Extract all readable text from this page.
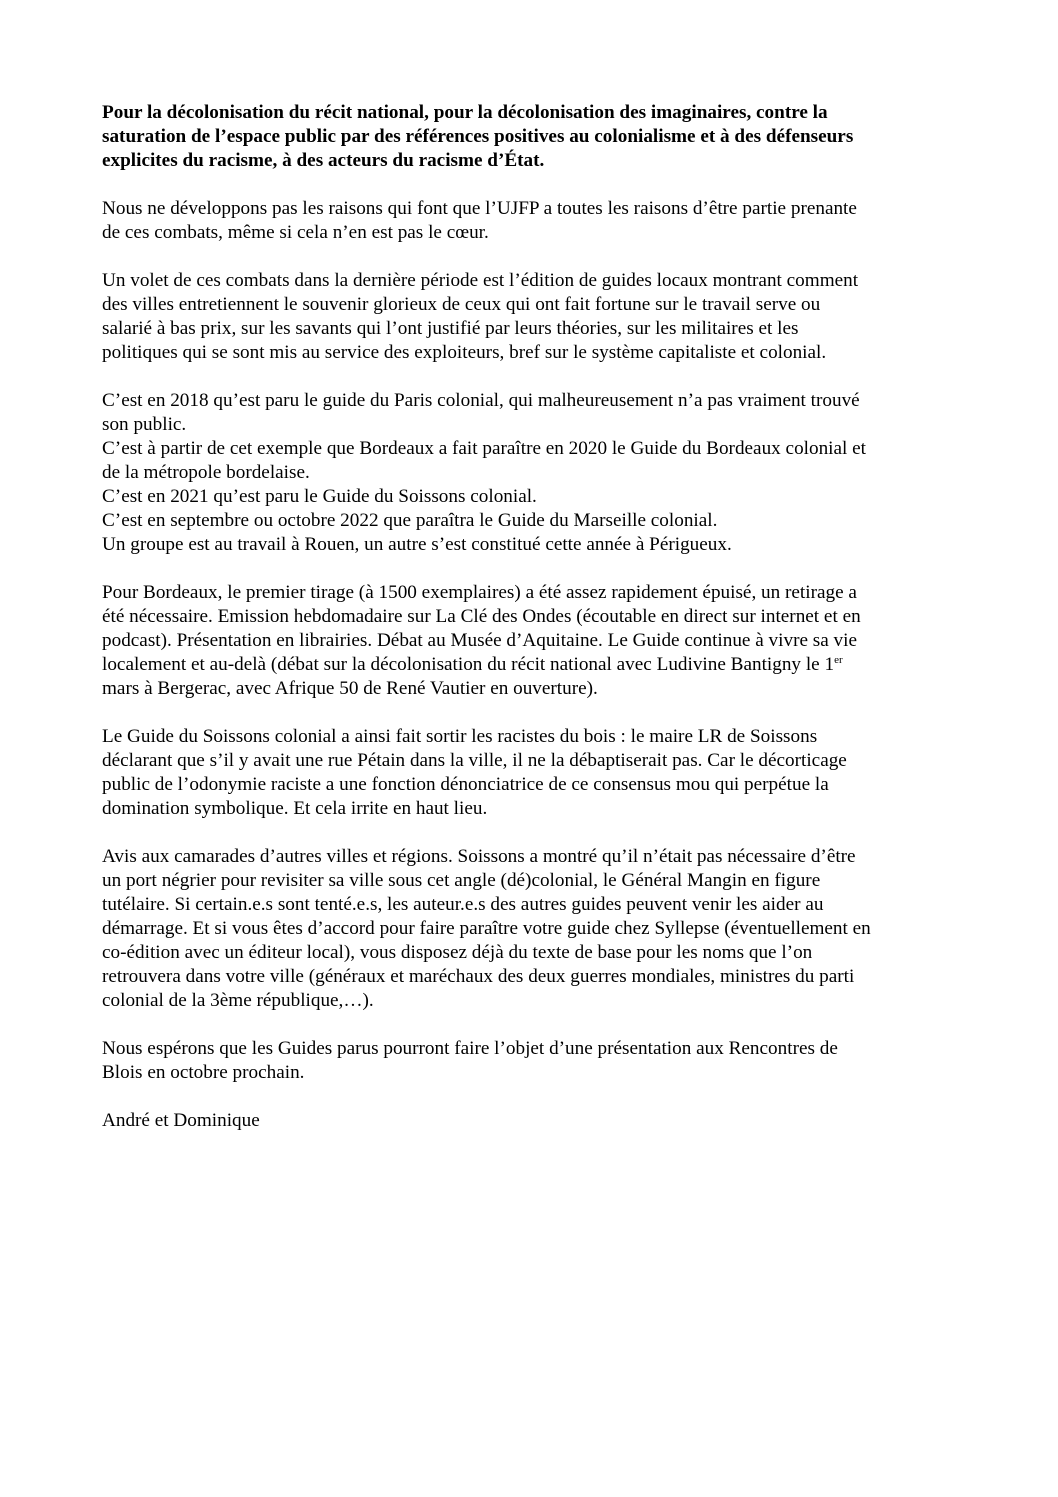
Pour la décolonisation du récit national, pour la décolonisation des imaginaires, contre la
saturation de l’espace public par des références positives au colonialisme et à des défenseurs
explicites du racisme, à des acteurs du racisme d’État.
Nous ne développons pas les raisons qui font que l’UJFP a toutes les raisons d’être partie prenante
de ces combats, même si cela n’en est pas le cœur.
Un volet de ces combats dans la dernière période est l’édition de guides locaux montrant comment
des villes entretiennent le souvenir glorieux de ceux qui ont fait fortune sur le travail serve ou
salarié à bas prix, sur les savants qui l’ont justifié par leurs théories, sur les militaires et les
politiques qui se sont mis au service des exploiteurs, bref sur le système capitaliste et colonial.
C’est en 2018 qu’est paru le guide du Paris colonial, qui malheureusement n’a pas vraiment trouvé
son public.
C’est à partir de cet exemple que Bordeaux a fait paraître en 2020 le Guide du Bordeaux colonial et
de la métropole bordelaise.
C’est en 2021 qu’est paru le Guide du Soissons colonial.
C’est en septembre ou octobre 2022 que paraîtra le Guide du Marseille colonial.
Un groupe est au travail à Rouen, un autre s’est constitué cette année à Périgueux.
Pour Bordeaux, le premier tirage (à 1500 exemplaires) a été assez rapidement épuisé, un retirage a
été nécessaire. Emission hebdomadaire sur La Clé des Ondes (écoutable en direct sur internet et en
podcast). Présentation en librairies. Débat au Musée d’Aquitaine. Le Guide continue à vivre sa vie
localement et au-delà (débat sur la décolonisation du récit national avec Ludivine Bantigny le 1er
mars à Bergerac, avec Afrique 50 de René Vautier en ouverture).
Le Guide du Soissons colonial a ainsi fait sortir les racistes du bois : le maire LR de Soissons
déclarant que s’il y avait une rue Pétain dans la ville, il ne la débaptiserait pas. Car le décorticage
public de l’odonymie raciste a une fonction dénonciatrice de ce consensus mou qui perpétue la
domination symbolique. Et cela irrite en haut lieu.
Avis aux camarades d’autres villes et régions. Soissons a montré qu’il n’était pas nécessaire d’être
un port négrier pour revisiter sa ville sous cet angle (dé)colonial, le Général Mangin en figure
tutélaire. Si certain.e.s sont tenté.e.s, les auteur.e.s des autres guides peuvent venir les aider au
démarrage. Et si vous êtes d’accord pour faire paraître votre guide chez Syllepse (éventuellement en
co-édition avec un éditeur local), vous disposez déjà du texte de base pour les noms que l’on
retrouvera dans votre ville (généraux et maréchaux des deux guerres mondiales, ministres du parti
colonial de la 3ème république,…).
Nous espérons que les Guides parus pourront faire l’objet d’une présentation aux Rencontres de
Blois en octobre prochain.
André et Dominique
